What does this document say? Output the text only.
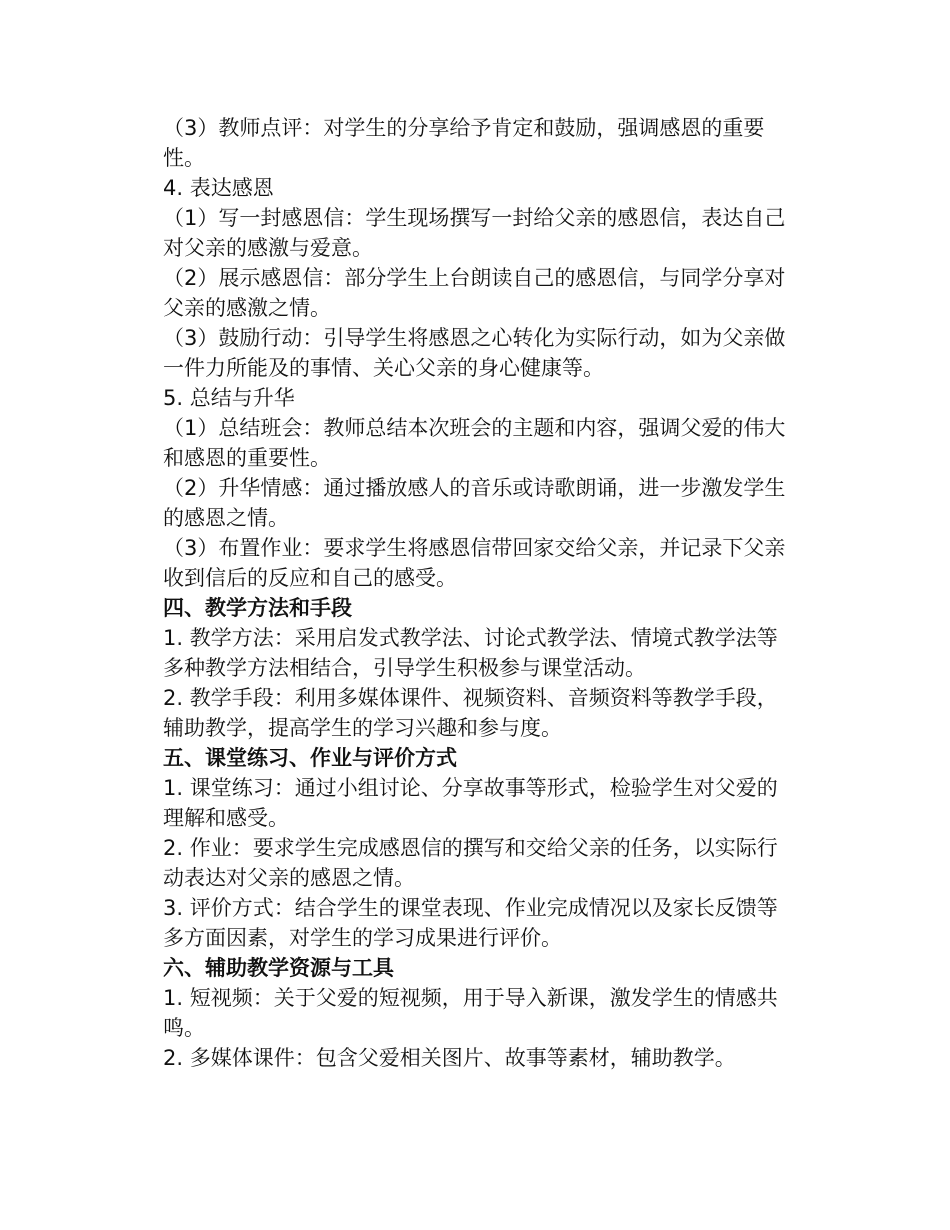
（3）教师点评：对学生的分享给予肯定和鼓励，强调感恩的重要性。

4. 表达感恩

（1）写一封感恩信：学生现场撰写一封给父亲的感恩信，表达自己对父亲的感激与爱意。

（2）展示感恩信：部分学生上台朗读自己的感恩信，与同学分享对父亲的感激之情。

（3）鼓励行动：引导学生将感恩之心转化为实际行动，如为父亲做一件力所能及的事情、关心父亲的身心健康等。

5. 总结与升华

（1）总结班会：教师总结本次班会的主题和内容，强调父爱的伟大和感恩的重要性。

（2）升华情感：通过播放感人的音乐或诗歌朗诵，进一步激发学生的感恩之情。

（3）布置作业：要求学生将感恩信带回家交给父亲，并记录下父亲收到信后的反应和自己的感受。

四、教学方法和手段

1. 教学方法：采用启发式教学法、讨论式教学法、情境式教学法等多种教学方法相结合，引导学生积极参与课堂活动。

2. 教学手段：利用多媒体课件、视频资料、音频资料等教学手段，辅助教学，提高学生的学习兴趣和参与度。

五、课堂练习、作业与评价方式

1. 课堂练习：通过小组讨论、分享故事等形式，检验学生对父爱的理解和感受。

2. 作业：要求学生完成感恩信的撰写和交给父亲的任务，以实际行动表达对父亲的感恩之情。

3. 评价方式：结合学生的课堂表现、作业完成情况以及家长反馈等多方面因素，对学生的学习成果进行评价。

六、辅助教学资源与工具

1. 短视频：关于父爱的短视频，用于导入新课，激发学生的情感共鸣。

2. 多媒体课件：包含父爱相关图片、故事等素材，辅助教学。
